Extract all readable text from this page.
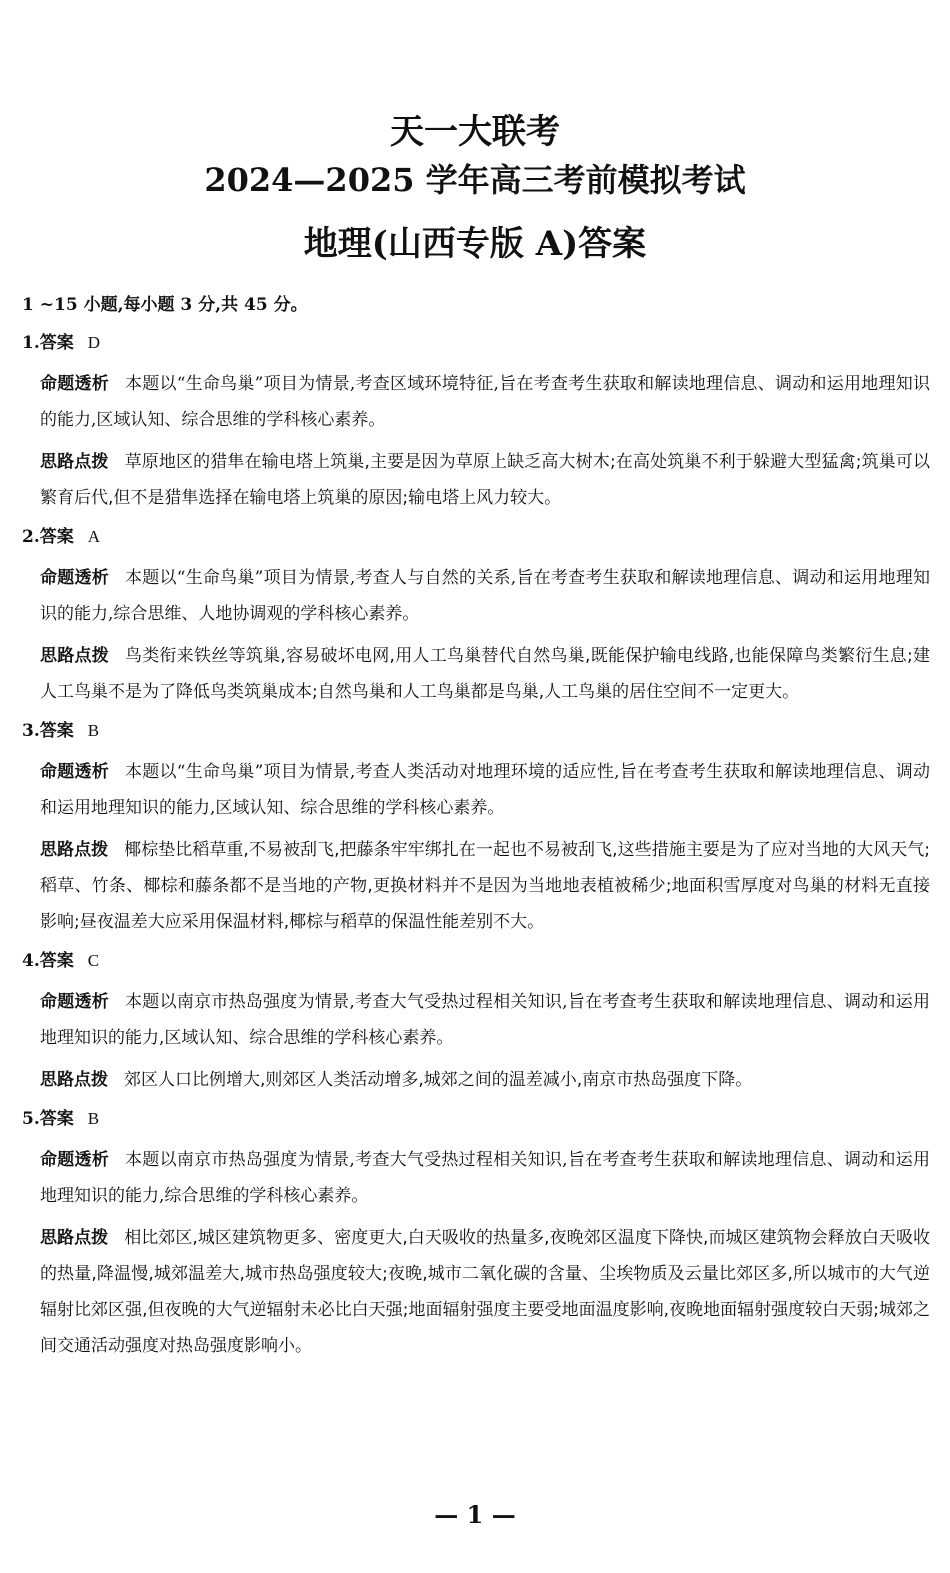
天一大联考
2024—2025 学年高三考前模拟考试
地理(山西专版 A)答案

1 ~15 小题,每小题 3 分,共 45 分。

1.答案 D

命题透析 本题以“生命鸟巢”项目为情景,考查区域环境特征,旨在考查考生获取和解读地理信息、调动和运用地理知识的能力,区域认知、综合思维的学科核心素养。

思路点拨 草原地区的猎隼在输电塔上筑巢,主要是因为草原上缺乏高大树木;在高处筑巢不利于躲避大型猛禽;筑巢可以繁育后代,但不是猎隼选择在输电塔上筑巢的原因;输电塔上风力较大。

2.答案 A

命题透析 本题以“生命鸟巢”项目为情景,考查人与自然的关系,旨在考查考生获取和解读地理信息、调动和运用地理知识的能力,综合思维、人地协调观的学科核心素养。

思路点拨 鸟类衔来铁丝等筑巢,容易破坏电网,用人工鸟巢替代自然鸟巢,既能保护输电线路,也能保障鸟类繁衍生息;建人工鸟巢不是为了降低鸟类筑巢成本;自然鸟巢和人工鸟巢都是鸟巢,人工鸟巢的居住空间不一定更大。

3.答案 B

命题透析 本题以“生命鸟巢”项目为情景,考查人类活动对地理环境的适应性,旨在考查考生获取和解读地理信息、调动和运用地理知识的能力,区域认知、综合思维的学科核心素养。

思路点拨 椰棕垫比稻草重,不易被刮飞,把藤条牢牢绑扎在一起也不易被刮飞,这些措施主要是为了应对当地的大风天气;稻草、竹条、椰棕和藤条都不是当地的产物,更换材料并不是因为当地地表植被稀少;地面积雪厚度对鸟巢的材料无直接影响;昼夜温差大应采用保温材料,椰棕与稻草的保温性能差别不大。

4.答案 C

命题透析 本题以南京市热岛强度为情景,考查大气受热过程相关知识,旨在考查考生获取和解读地理信息、调动和运用地理知识的能力,区域认知、综合思维的学科核心素养。

思路点拨 郊区人口比例增大,则郊区人类活动增多,城郊之间的温差减小,南京市热岛强度下降。

5.答案 B

命题透析 本题以南京市热岛强度为情景,考查大气受热过程相关知识,旨在考查考生获取和解读地理信息、调动和运用地理知识的能力,综合思维的学科核心素养。

思路点拨 相比郊区,城区建筑物更多、密度更大,白天吸收的热量多,夜晚郊区温度下降快,而城区建筑物会释放白天吸收的热量,降温慢,城郊温差大,城市热岛强度较大;夜晚,城市二氧化碳的含量、尘埃物质及云量比郊区多,所以城市的大气逆辐射比郊区强,但夜晚的大气逆辐射未必比白天强;地面辐射强度主要受地面温度影响,夜晚地面辐射强度较白天弱;城郊之间交通活动强度对热岛强度影响小。

— 1 —
